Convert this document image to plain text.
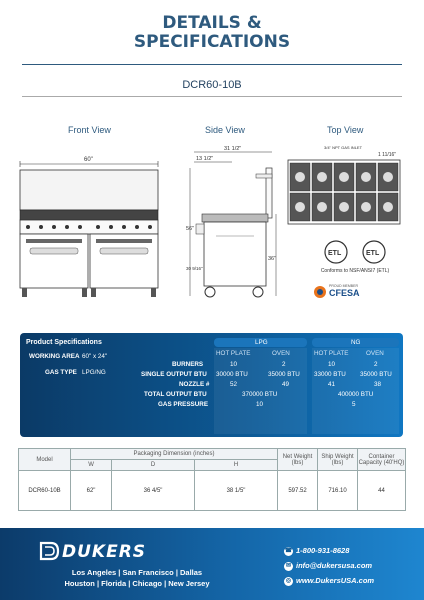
DETAILS &
SPECIFICATIONS
DCR60-10B
Front View	Side View	Top View
60"
31 1/2"
13 1/2"
56"
30 9/16"
36"
3/4" NPT GAS INLET
1 11/16"
ETL	ETL
Conforms to NSF/ANSI7 (ETL)
PROUD MEMBER
CFESA
Product Specifications	LPG	NG
WORKING AREA 60" x 24"
GAS TYPE LPG/NG
HOT PLATE	OVEN	HOT PLATE	OVEN
BURNERS	10	2	10	2
SINGLE OUTPUT BTU 30000 BTU	35000 BTU 33000 BTU 35000 BTU
NOZZLE #	52	49	41	38
TOTAL OUTPUT BTU	370000 BTU	400000 BTU
GAS PRESSURE	10	5
Model	Packaging Dimension (inches)			Net Weight (lbs)	Ship Weight (lbs)	Container Capacity (40'HQ)
	W	D	H			
DCR60-10B	62"	36 4/5"	38 1/5"	597.52	716.10	44
DUKERS
Los Angeles | San Francisco | Dallas
Houston | Florida | Chicago | New Jersey
☎ 1-800-931-8628
✉ info@dukersusa.com
◎ www.DukersUSA.com
